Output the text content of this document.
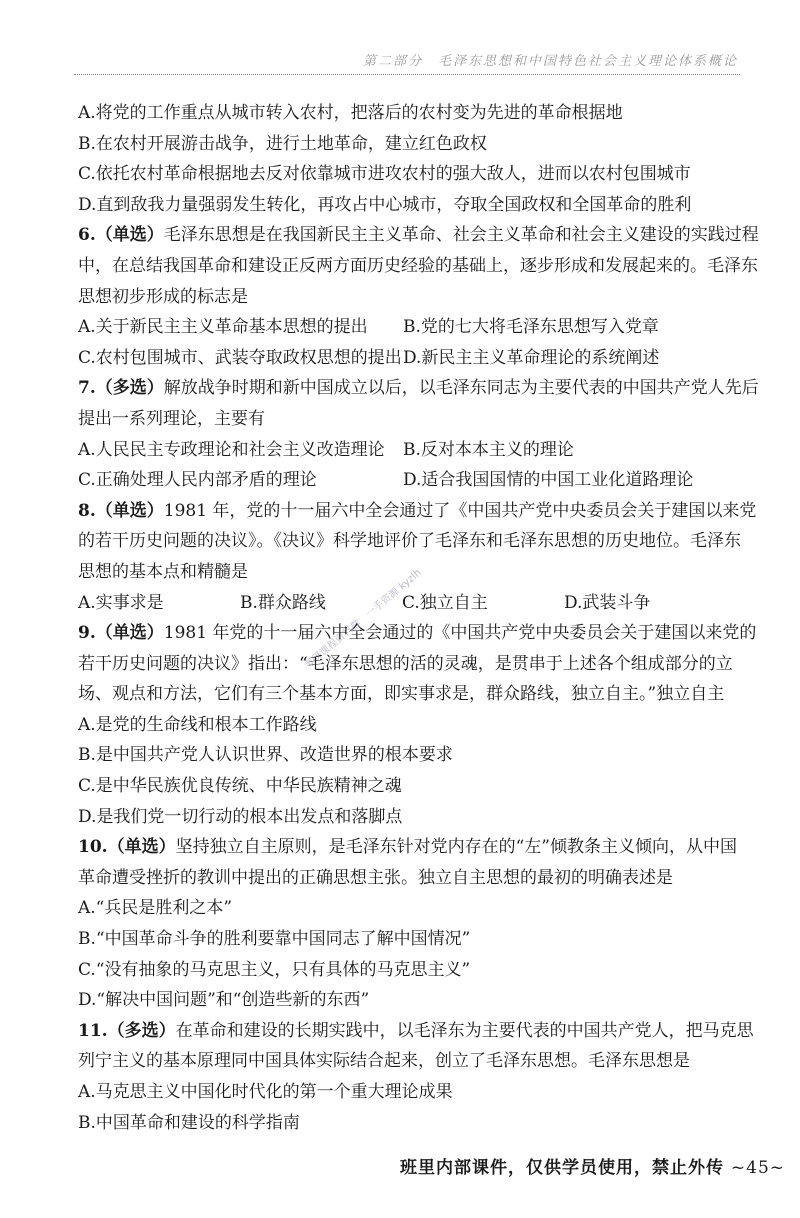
第二部分　毛泽东思想和中国特色社会主义理论体系概论
考研课程资料群　一手资源 kyzlh
A.将党的工作重点从城市转入农村，把落后的农村变为先进的革命根据地
B.在农村开展游击战争，进行土地革命，建立红色政权
C.依托农村革命根据地去反对依靠城市进攻农村的强大敌人，进而以农村包围城市
D.直到敌我力量强弱发生转化，再攻占中心城市，夺取全国政权和全国革命的胜利
6.（单选）毛泽东思想是在我国新民主主义革命、社会主义革命和社会主义建设的实践过程
中，在总结我国革命和建设正反两方面历史经验的基础上，逐步形成和发展起来的。毛泽东
思想初步形成的标志是
A.关于新民主主义革命基本思想的提出	B.党的七大将毛泽东思想写入党章
C.农村包围城市、武装夺取政权思想的提出 D.新民主主义革命理论的系统阐述
7.（多选）解放战争时期和新中国成立以后，以毛泽东同志为主要代表的中国共产党人先后
提出一系列理论，主要有
A.人民民主专政理论和社会主义改造理论	B.反对本本主义的理论
C.正确处理人民内部矛盾的理论	D.适合我国国情的中国工业化道路理论
8.（单选）1981 年，党的十一届六中全会通过了《中国共产党中央委员会关于建国以来党
的若干历史问题的决议》。《决议》科学地评价了毛泽东和毛泽东思想的历史地位。毛泽东
思想的基本点和精髓是
A.实事求是	B.群众路线	C.独立自主	D.武装斗争
9.（单选）1981 年党的十一届六中全会通过的《中国共产党中央委员会关于建国以来党的
若干历史问题的决议》指出：“毛泽东思想的活的灵魂，是贯串于上述各个组成部分的立
场、观点和方法，它们有三个基本方面，即实事求是，群众路线，独立自主。”独立自主
A.是党的生命线和根本工作路线
B.是中国共产党人认识世界、改造世界的根本要求
C.是中华民族优良传统、中华民族精神之魂
D.是我们党一切行动的根本出发点和落脚点
10.（单选）坚持独立自主原则，是毛泽东针对党内存在的“左”倾教条主义倾向，从中国
革命遭受挫折的教训中提出的正确思想主张。独立自主思想的最初的明确表述是
A.“兵民是胜利之本”
B.“中国革命斗争的胜利要靠中国同志了解中国情况”
C.“没有抽象的马克思主义，只有具体的马克思主义”
D.“解决中国问题”和“创造些新的东西”
11.（多选）在革命和建设的长期实践中，以毛泽东为主要代表的中国共产党人，把马克思
列宁主义的基本原理同中国具体实际结合起来，创立了毛泽东思想。毛泽东思想是
A.马克思主义中国化时代化的第一个重大理论成果
B.中国革命和建设的科学指南
班里内部课件，仅供学员使用，禁止外传 ~45~
